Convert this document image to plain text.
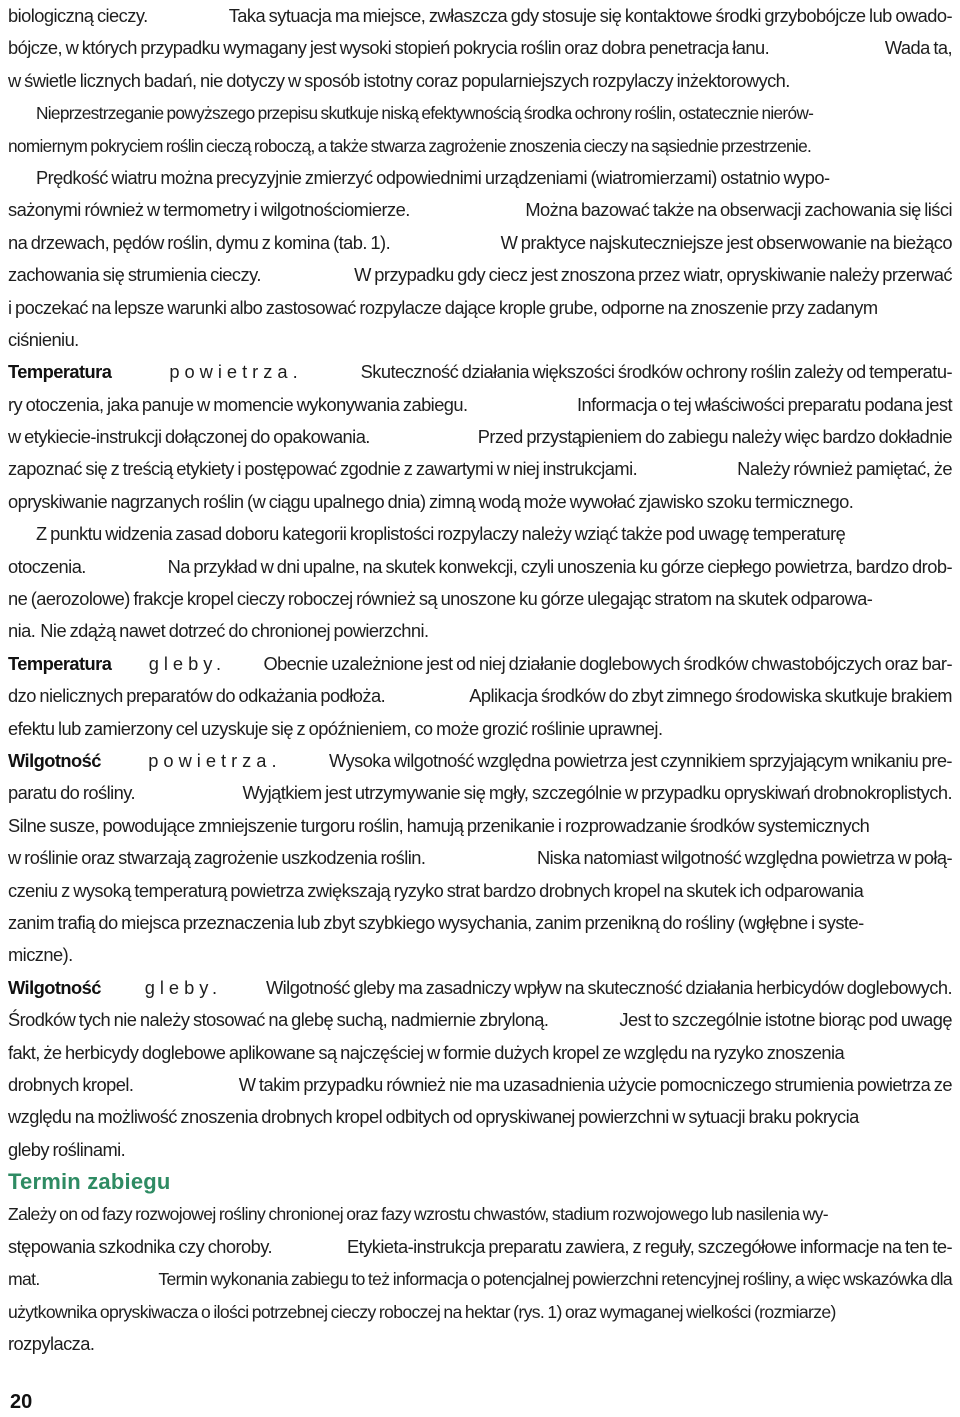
biologiczną cieczy.	Taka sytuacja ma miejsce, zwłaszcza gdy stosuje się kontaktowe środki grzybobójcze lub owado-
bójcze, w których przypadku wymagany jest wysoki stopień pokrycia roślin oraz dobra penetracja łanu.	Wada ta,
w świetle licznych badań, nie dotyczy w sposób istotny coraz popularniejszych rozpylaczy inżektorowych.
Nieprzestrzeganie powyższego przepisu skutkuje niską efektywnością środka ochrony roślin, ostatecznie nierów-
nomiernym pokryciem roślin cieczą roboczą, a także stwarza zagrożenie znoszenia cieczy na sąsiednie przestrzenie.
Prędkość wiatru można precyzyjnie zmierzyć odpowiednimi urządzeniami (wiatromierzami) ostatnio wypo-
sażonymi również w termometry i wilgotnościomierze.	Można bazować także na obserwacji zachowania się liści
na drzewach, pędów roślin, dymu z komina (tab. 1).	W praktyce najskuteczniejsze jest obserwowanie na bieżąco
zachowania się strumienia cieczy.	W przypadku gdy ciecz jest znoszona przez wiatr, opryskiwanie należy przerwać
i poczekać na lepsze warunki albo zastosować rozpylacze dające krople grube, odporne na znoszenie przy zadanym
ciśnieniu.
Temperatura	powietrza.	Skuteczność działania większości środków ochrony roślin zależy od temperatu-
ry otoczenia, jaka panuje w momencie wykonywania zabiegu.	Informacja o tej właściwości preparatu podana jest
w etykiecie-instrukcji dołączonej do opakowania.	Przed przystąpieniem do zabiegu należy więc bardzo dokładnie
zapoznać się z treścią etykiety i postępować zgodnie z zawartymi w niej instrukcjami.	Należy również pamiętać, że
opryskiwanie nagrzanych roślin (w ciągu upalnego dnia) zimną wodą może wywołać zjawisko szoku termicznego.
Z punktu widzenia zasad doboru kategorii kroplistości rozpylaczy należy wziąć także pod uwagę temperaturę
otoczenia.	Na przykład w dni upalne, na skutek konwekcji, czyli unoszenia ku górze ciepłego powietrza, bardzo drob-
ne (aerozolowe) frakcje kropel cieczy roboczej również są unoszone ku górze ulegając stratom na skutek odparowa-
nia. Nie zdążą nawet dotrzeć do chronionej powierzchni.
Temperatura gleby. Obecnie uzależnione jest od niej działanie doglebowych środków chwastobójczych oraz bar-
dzo nielicznych preparatów do odkażania podłoża.	Aplikacja środków do zbyt zimnego środowiska skutkuje brakiem
efektu lub zamierzony cel uzyskuje się z opóźnieniem, co może grozić roślinie uprawnej.
Wilgotność	powietrza.	Wysoka wilgotność względna powietrza jest czynnikiem sprzyjającym wnikaniu pre-
paratu do rośliny.	Wyjątkiem jest utrzymywanie się mgły, szczególnie w przypadku opryskiwań drobnokroplistych.
Silne susze, powodujące zmniejszenie turgoru roślin, hamują przenikanie i rozprowadzanie środków systemicznych
w roślinie oraz stwarzają zagrożenie uszkodzenia roślin.	Niska natomiast wilgotność względna powietrza w połą-
czeniu z wysoką temperaturą powietrza zwiększają ryzyko strat bardzo drobnych kropel na skutek ich odparowania
zanim trafią do miejsca przeznaczenia lub zbyt szybkiego wysychania, zanim przenikną do rośliny (wgłębne i syste-
miczne).
Wilgotność gleby. Wilgotność gleby ma zasadniczy wpływ na skuteczność działania herbicydów doglebowych.
Środków tych nie należy stosować na glebę suchą, nadmiernie zbryloną.	Jest to szczególnie istotne biorąc pod uwagę
fakt, że herbicydy doglebowe aplikowane są najczęściej w formie dużych kropel ze względu na ryzyko znoszenia
drobnych kropel.	W takim przypadku również nie ma uzasadnienia użycie pomocniczego strumienia powietrza ze
względu na możliwość znoszenia drobnych kropel odbitych od opryskiwanej powierzchni w sytuacji braku pokrycia
gleby roślinami.
Termin zabiegu
Zależy on od fazy rozwojowej rośliny chronionej oraz fazy wzrostu chwastów, stadium rozwojowego lub nasilenia wy-
stępowania szkodnika czy choroby.	Etykieta-instrukcja preparatu zawiera, z reguły, szczegółowe informacje na ten te-
mat.	Termin wykonania zabiegu to też informacja o potencjalnej powierzchni retencyjnej rośliny, a więc wskazówka dla
użytkownika opryskiwacza o ilości potrzebnej cieczy roboczej na hektar (rys. 1) oraz wymaganej wielkości (rozmiarze)
rozpylacza.
20
